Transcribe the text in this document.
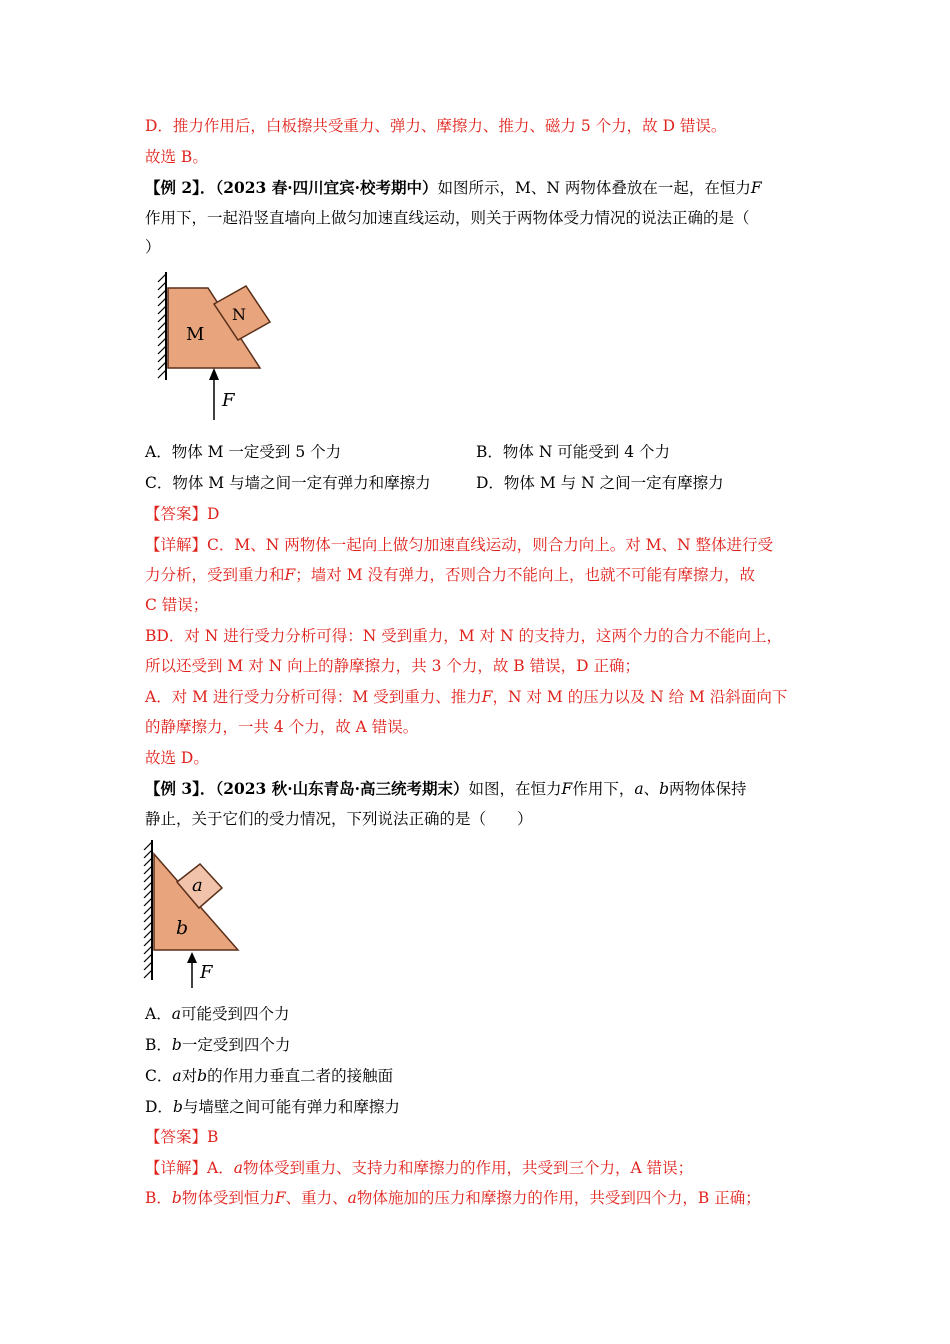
D．推力作用后，白板擦共受重力、弹力、摩擦力、推力、磁力 5 个力，故 D 错误。
故选 B。
【例 2】．（2023 春·四川宜宾·校考期中）如图所示，M、N 两物体叠放在一起，在恒力F
作用下，一起沿竖直墙向上做匀加速直线运动，则关于两物体受力情况的说法正确的是（
）
M
N
F
A．物体 M 一定受到 5 个力	B．物体 N 可能受到 4 个力
C．物体 M 与墙之间一定有弹力和摩擦力	D．物体 M 与 N 之间一定有摩擦力
【答案】D
【详解】C．M、N 两物体一起向上做匀加速直线运动，则合力向上。对 M、N 整体进行受
力分析，受到重力和F；墙对 M 没有弹力，否则合力不能向上，也就不可能有摩擦力，故
C 错误；
BD．对 N 进行受力分析可得：N 受到重力，M 对 N 的支持力，这两个力的合力不能向上，
所以还受到 M 对 N 向上的静摩擦力，共 3 个力，故 B 错误，D 正确；
A．对 M 进行受力分析可得：M 受到重力、推力F，N 对 M 的压力以及 N 给 M 沿斜面向下
的静摩擦力，一共 4 个力，故 A 错误。
故选 D。
【例 3】．（2023 秋·山东青岛·高三统考期末）如图，在恒力F作用下，a、b两物体保持
静止，关于它们的受力情况，下列说法正确的是（　　）
a
b
F
A．a可能受到四个力
B．b一定受到四个力
C．a对b的作用力垂直二者的接触面
D．b与墙壁之间可能有弹力和摩擦力
【答案】B
【详解】A．a物体受到重力、支持力和摩擦力的作用，共受到三个力，A 错误；
B．b物体受到恒力F、重力、a物体施加的压力和摩擦力的作用，共受到四个力，B 正确；
